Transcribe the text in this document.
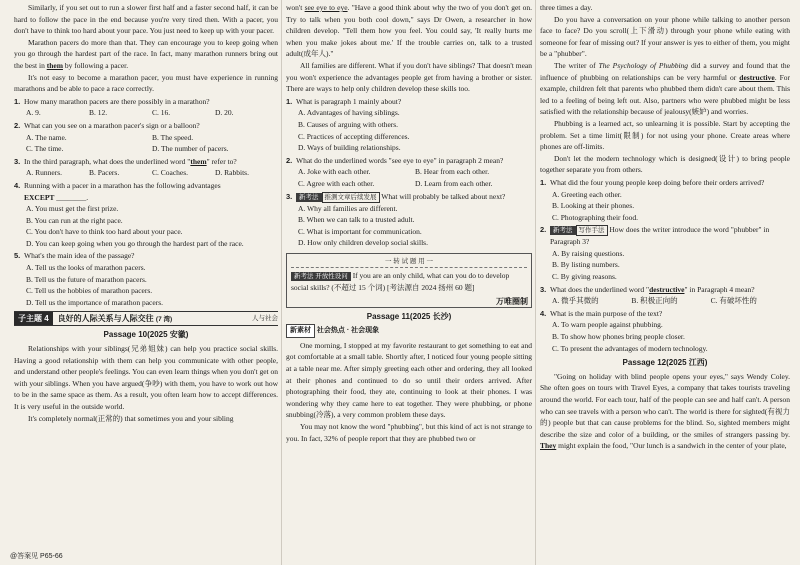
Similarly, if you set out to run a slower first half and a faster second half, it can be hard to follow the pace in the end because you're very tired then. With a pacer, you don't have to think too hard about your pace. You just need to keep up with your pacer.

Marathon pacers do more than that. They can encourage you to keep going when you go through the hardest part of the race. In fact, many marathon runners bring out the best in them by following a pacer.

It's not easy to become a marathon pacer, you must have experience in running marathons and be able to pace a race correctly.

1. How many marathon pacers are there possibly in a marathon?
A. 9.	B. 12.	C. 16.	D. 20.
2. What can you see on a marathon pacer's sign or a balloon?
A. The name.	B. The speed.
C. The time.	D. The number of pacers.
3. In the third paragraph, what does the underlined word "them" refer to?
A. Runners.	B. Pacers.	C. Coaches.	D. Rabbits.
4. Running with a pacer in a marathon has the following advantages
EXCEPT ________.
A. You must get the first prize.
B. You can run at the right pace.
C. You don't have to think too hard about your pace.
D. You can keep going when you go through the hardest part of the race.
5. What's the main idea of the passage?
A. Tell us the looks of marathon pacers.
B. Tell us the future of marathon pacers.
C. Tell us the hobbies of marathon pacers.
D. Tell us the importance of marathon pacers.
子主题 4	良好的人际关系与人际交往 (7 湾)	人与社会
Passage 10(2025 安徽)

Relationships with your siblings(兄弟姐妹) can help you practice social skills. Having a good relationship with them can help you communicate with other people, and understand other people's feelings. You can even learn things when you don't get on with your siblings. When you have argued(争吵) with them, you have to work out how to be in the same space as them. As a result, you often learn how to accept differences. It is very useful in the outside world.

It's completely normal(正常的) that sometimes you and your sibling

won't see eye to eye. "Have a good think about why the two of you don't get on. Try to talk when you both cool down," says Dr Owen, a researcher in how children develop. "Tell them how you feel. You could say, 'It really hurts me when you make jokes about me.' If the trouble carries on, talk to a trusted adult(成年人)."

All families are different. What if you don't have siblings? That doesn't mean you won't experience the advantages people get from having a brother or sister. There are ways to help only children develop these skills too.

1. What is paragraph 1 mainly about?
A. Advantages of having siblings.
B. Causes of arguing with others.
C. Practices of accepting differences.
D. Ways of building relationships.
2. What do the underlined words "see eye to eye" in paragraph 2 mean?
A. Joke with each other.	B. Hear from each other.
C. Agree with each other.	D. Learn from each other.
3.	新考法 推测文章后续发展 What will probably be talked about next?
A. Why all families are different.
B. When we can talk to a trusted adult.
C. What is important for communication.
D. How only children develop social skills.
一 转 试 题 用 一
新考法 开放性设问 If you are an only child, what can you do to develop social skills? (不超过 15 个词) [考法源自 2024 扬州 60 题]
万唯圈制
Passage 11(2025 长沙)
新素材 社会热点 · 社会现象

One morning, I stopped at my favorite restaurant to get something to eat and got comfortable at a small table. Shortly after, I noticed four young people sitting at a table near me. After simply greeting each other and ordering, they all looked at their phones and continued to do so until their orders arrived. After photographing their food, they ate, continuing to look at their phones. I was wondering why they came here to eat together. They were phubbing, or phone snubbing(冷落), a very common problem these days.

You may not know the word "phubbing", but this kind of act is not strange to you. In fact, 32% of people report that they are phubbed two or

three times a day.

Do you have a conversation on your phone while talking to another person face to face? Do you scroll(上下滑动) through your phone while eating with someone for fear of missing out? If your answer is yes to either of them, you might be a "phubber".

The writer of The Psychology of Phubbing did a survey and found that the influence of phubbing on relationships can be very harmful or destructive. For example, children felt that parents who phubbed them didn't care about them. This led to a feeling of being left out. Also, partners who were phubbed might be less satisfied with the relationship because of jealousy(嫉妒) and worries.

Phubbing is a learned act, so unlearning it is possible. Start by accepting the problem. Set a time limit(限制) for not using your phone. Create areas where phones are off-limits.

Don't let the modern technology which is designed(设计) to bring people together separate you from others.

1. What did the four young people keep doing before their orders arrived?
A. Greeting each other.
B. Looking at their phones.
C. Photographing their food.
2.	新考法 写作手法 How does the writer introduce the word "phubber" in Paragraph 3?
A. By raising questions.
B. By listing numbers.
C. By giving reasons.
3. What does the underlined word "destructive" in Paragraph 4 mean?
A. 微乎其微的	B. 积极正向的	C. 有破坏性的
4. What is the main purpose of the text?
A. To warn people against phubbing.
B. To show how phones bring people closer.
C. To present the advantages of modern technology.
Passage 12(2025 江西)

"Going on holiday with blind people opens your eyes," says Wendy Coley. She often goes on tours with Travel Eyes, a company that takes tourists traveling around the world. For each tour, half of the people can see and half can't. A person who can see travels with a person who can't. The world is there for sighted(有视力的) people but that can cause problems for the blind. So, sighted members might describe the size and color of a building, or the smiles of strangers passing by. They might explain the food, "Our lunch is a sandwich in the center of your plate,

@答案见 P65-66
